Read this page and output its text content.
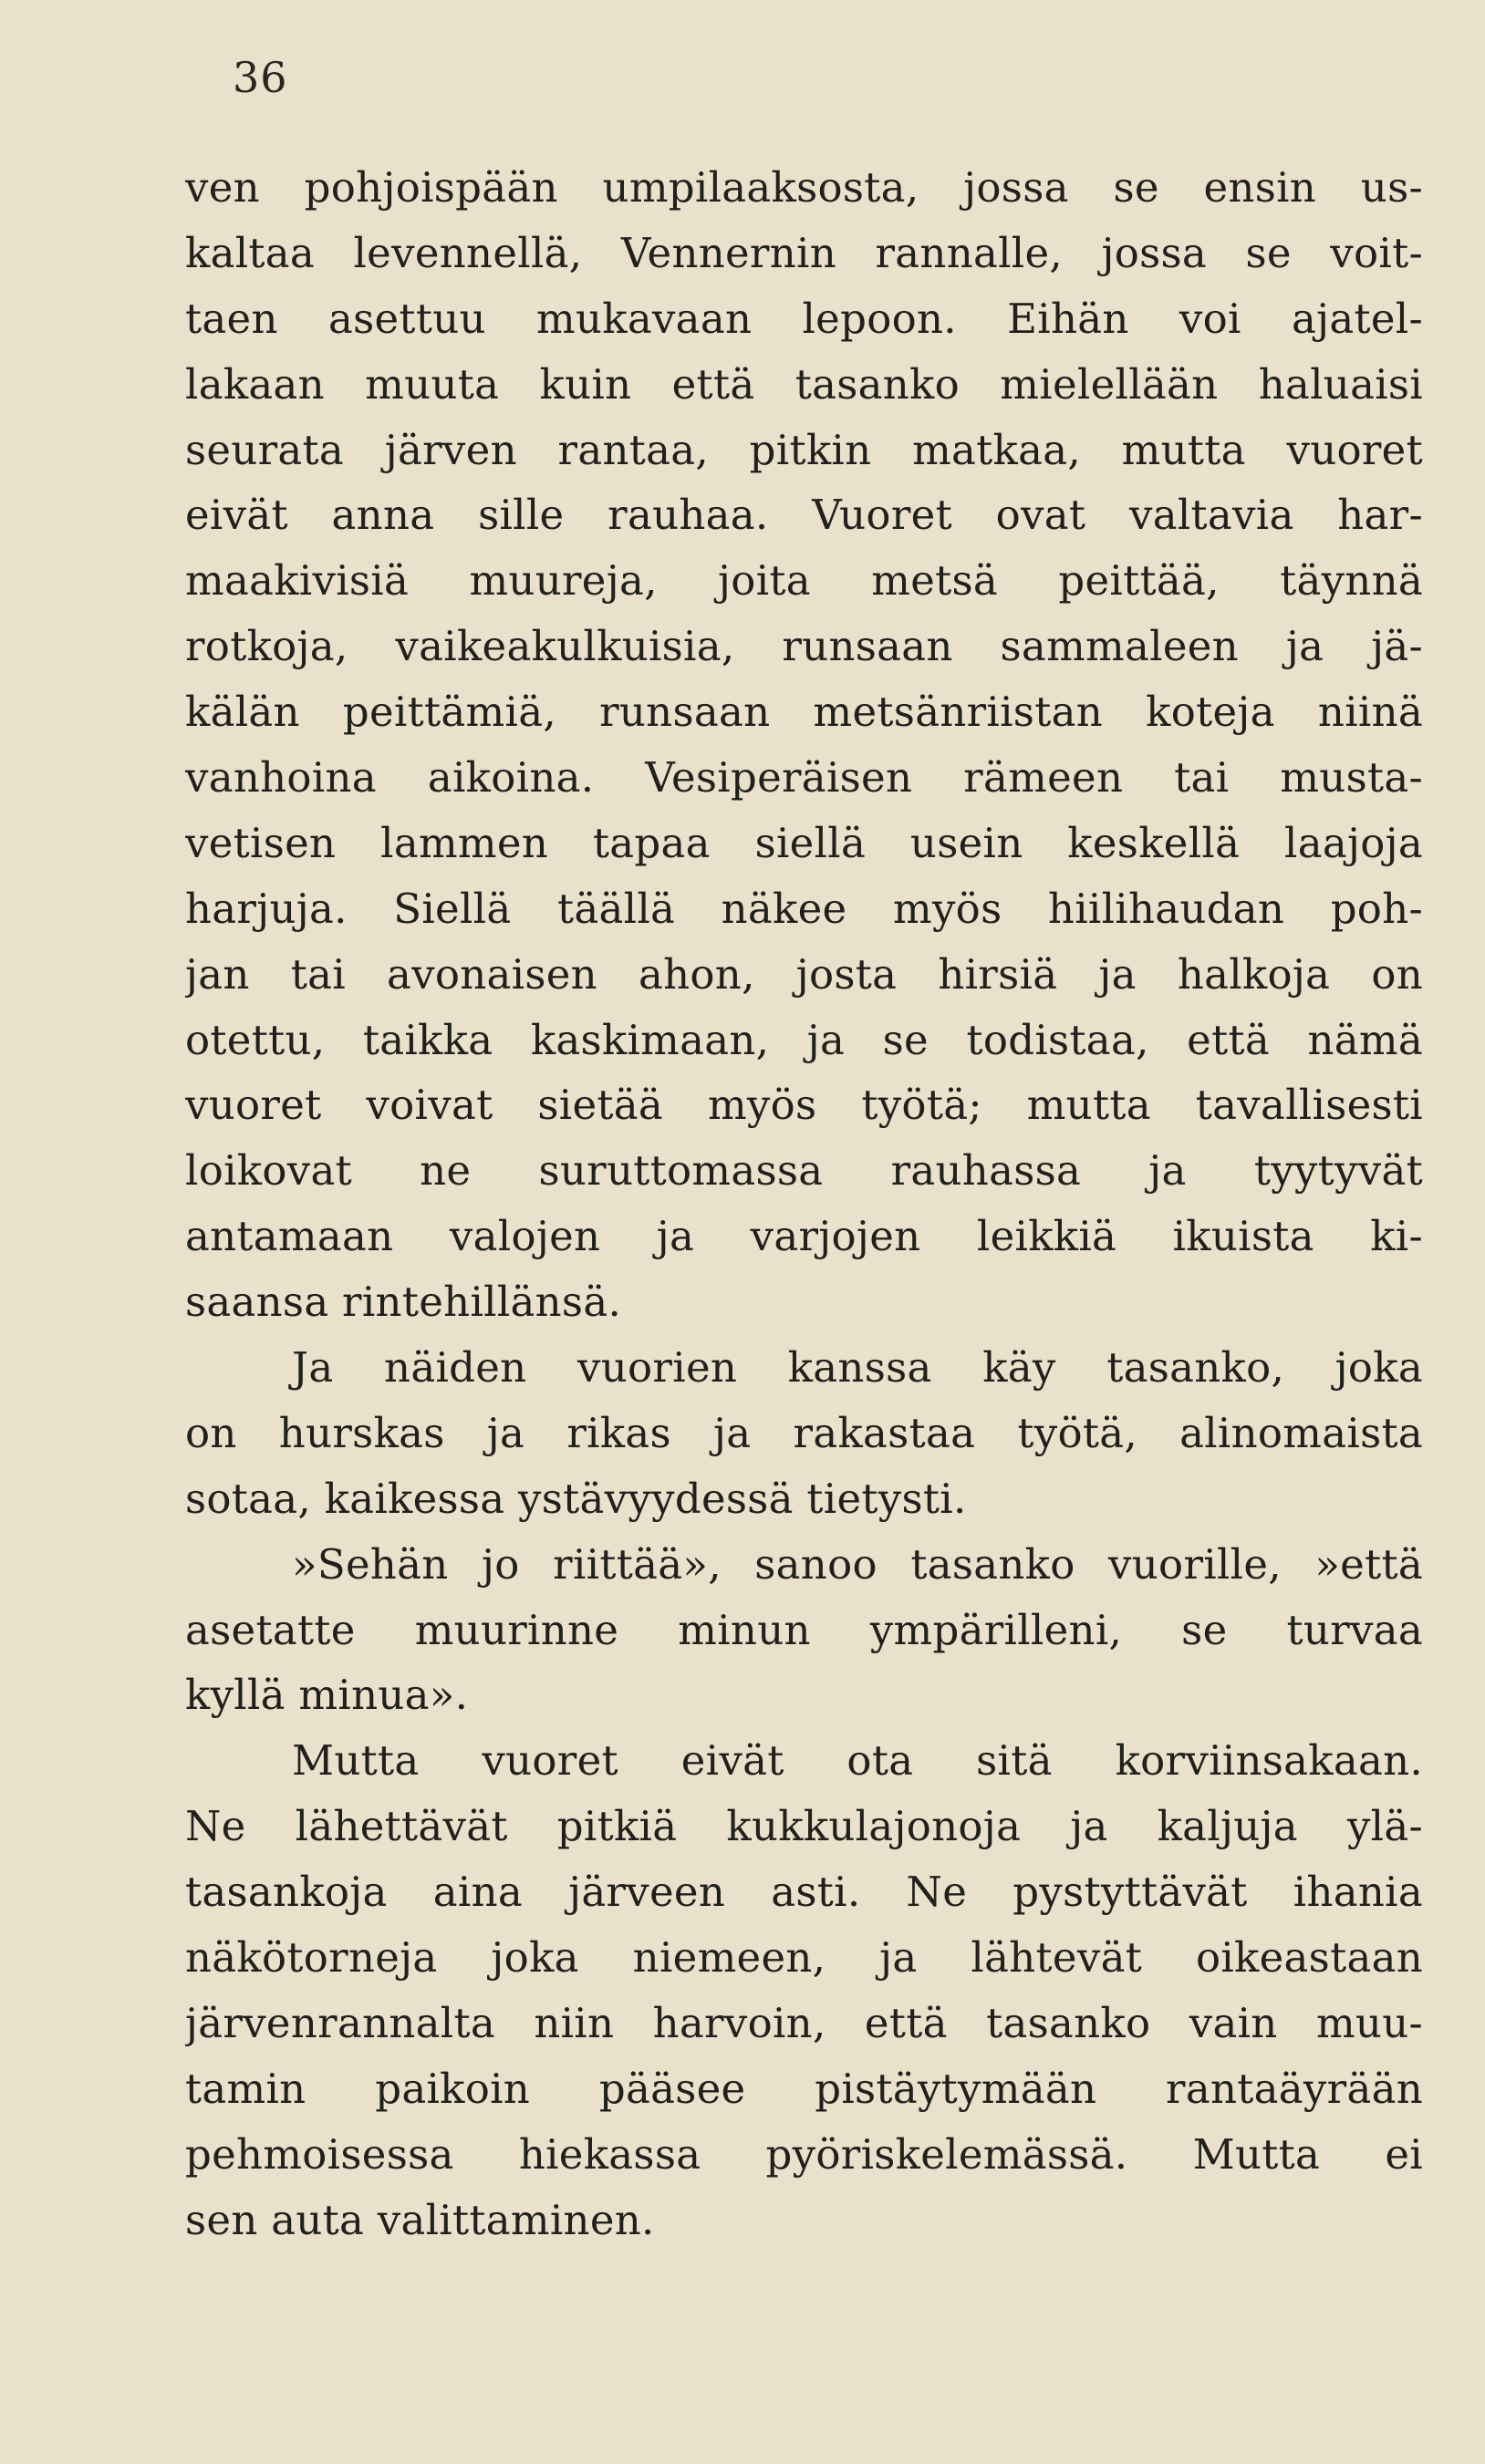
36

ven pohjoispään umpilaaksosta, jossa se ensin us-

kaltaa levennellä, Vennernin rannalle, jossa se voit-

taen asettuu mukavaan lepoon. Eihän voi ajatel-

lakaan muuta kuin että tasanko mielellään haluaisi

seurata järven rantaa, pitkin matkaa, mutta vuoret

eivät anna sille rauhaa. Vuoret ovat valtavia har-

maakivisiä muureja, joita metsä peittää, täynnä

rotkoja, vaikeakulkuisia, runsaan sammaleen ja jä-

kälän peittämiä, runsaan metsänriistan koteja niinä

vanhoina aikoina. Vesiperäisen rämeen tai musta-

vetisen lammen tapaa siellä usein keskellä laajoja

harjuja. Siellä täällä näkee myös hiilihaudan poh-

jan tai avonaisen ahon, josta hirsiä ja halkoja on

otettu, taikka kaskimaan, ja se todistaa, että nämä

vuoret voivat sietää myös työtä; mutta tavallisesti

loikovat ne suruttomassa rauhassa ja tyytyvät

antamaan valojen ja varjojen leikkiä ikuista ki-

saansa rintehillänsä.

Ja näiden vuorien kanssa käy tasanko, joka

on hurskas ja rikas ja rakastaa työtä, alinomaista

sotaa, kaikessa ystävyydessä tietysti.

»Sehän jo riittää», sanoo tasanko vuorille, »että

asetatte muurinne minun ympärilleni, se turvaa

kyllä minua».

Mutta vuoret eivät ota sitä korviinsakaan.

Ne lähettävät pitkiä kukkulajonoja ja kaljuja ylä-

tasankoja aina järveen asti. Ne pystyttävät ihania

näkötorneja joka niemeen, ja lähtevät oikeastaan

järvenrannalta niin harvoin, että tasanko vain muu-

tamin paikoin pääsee pistäytymään rantaäyrään

pehmoisessa hiekassa pyöriskelemässä. Mutta ei

sen auta valittaminen.
